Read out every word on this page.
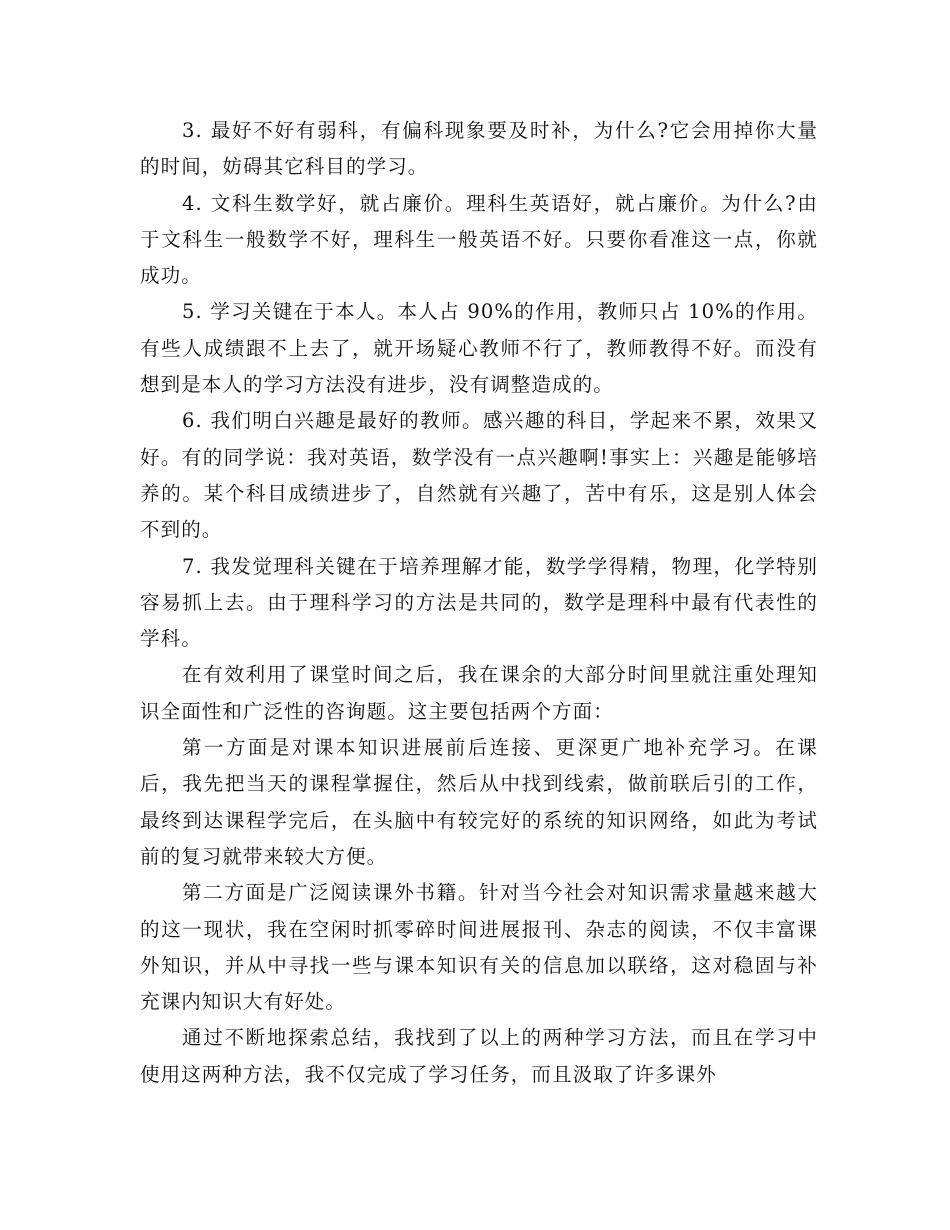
3. 最好不好有弱科，有偏科现象要及时补，为什么?它会用掉你大量的时间，妨碍其它科目的学习。

4. 文科生数学好，就占廉价。理科生英语好，就占廉价。为什么?由于文科生一般数学不好，理科生一般英语不好。只要你看准这一点，你就成功。

5. 学习关键在于本人。本人占 90%的作用，教师只占 10%的作用。有些人成绩跟不上去了，就开场疑心教师不行了，教师教得不好。而没有想到是本人的学习方法没有进步，没有调整造成的。

6. 我们明白兴趣是最好的教师。感兴趣的科目，学起来不累，效果又好。有的同学说：我对英语，数学没有一点兴趣啊!事实上：兴趣是能够培养的。某个科目成绩进步了，自然就有兴趣了，苦中有乐，这是别人体会不到的。

7. 我发觉理科关键在于培养理解才能，数学学得精，物理，化学特别容易抓上去。由于理科学习的方法是共同的，数学是理科中最有代表性的学科。

在有效利用了课堂时间之后，我在课余的大部分时间里就注重处理知识全面性和广泛性的咨询题。这主要包括两个方面：

第一方面是对课本知识进展前后连接、更深更广地补充学习。在课后，我先把当天的课程掌握住，然后从中找到线索，做前联后引的工作，最终到达课程学完后，在头脑中有较完好的系统的知识网络，如此为考试前的复习就带来较大方便。

第二方面是广泛阅读课外书籍。针对当今社会对知识需求量越来越大的这一现状，我在空闲时抓零碎时间进展报刊、杂志的阅读，不仅丰富课外知识，并从中寻找一些与课本知识有关的信息加以联络，这对稳固与补充课内知识大有好处。

通过不断地探索总结，我找到了以上的两种学习方法，而且在学习中使用这两种方法，我不仅完成了学习任务，而且汲取了许多课外
